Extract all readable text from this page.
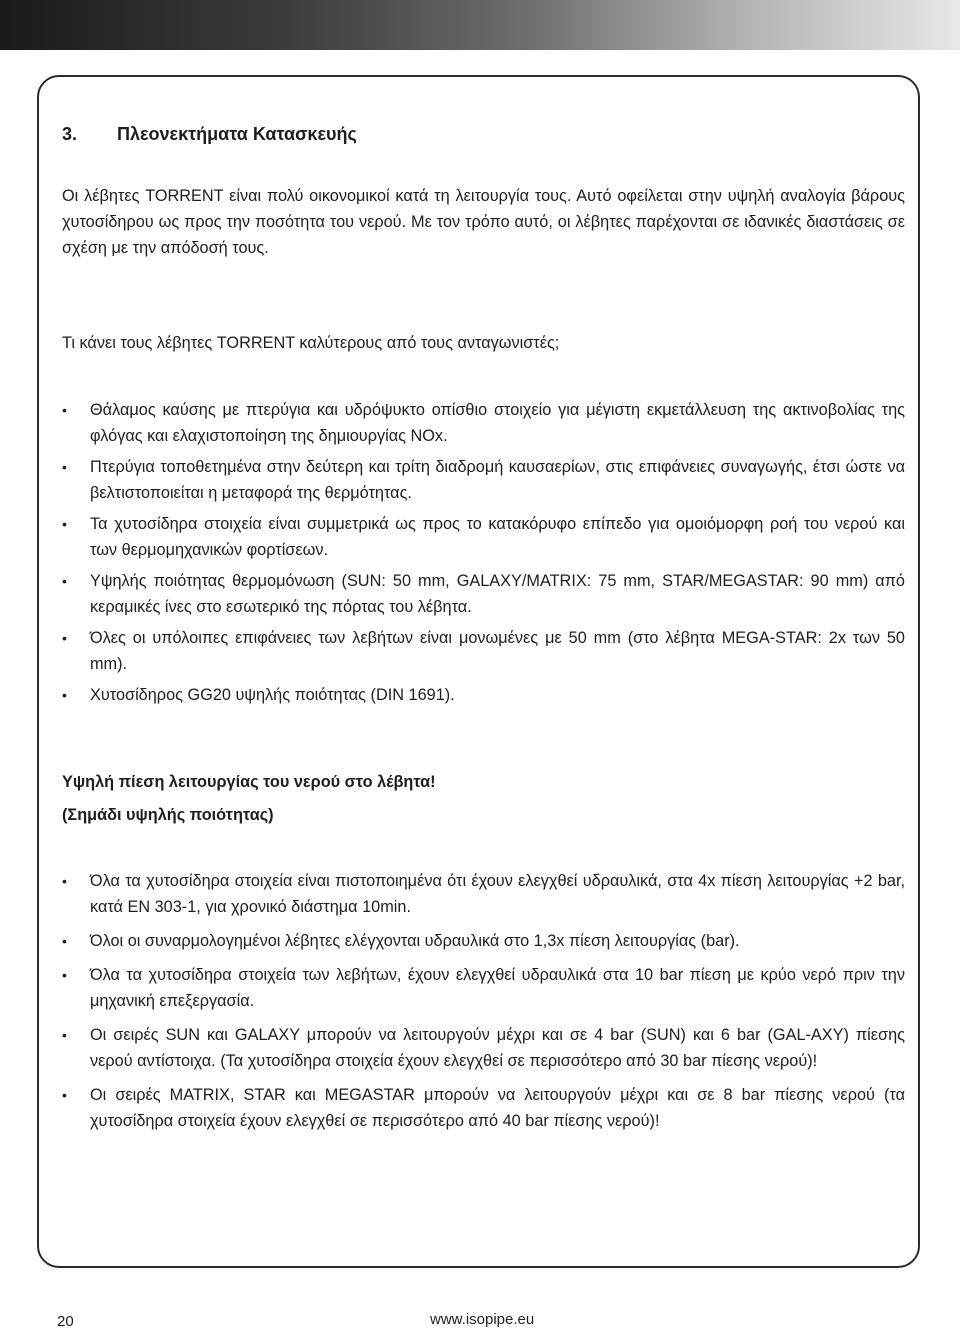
3. Πλεονεκτήματα Κατασκευής

Οι λέβητες TORRENT είναι πολύ οικονομικοί κατά τη λειτουργία τους. Αυτό οφείλεται στην υψηλή αναλογία βάρους χυτοσίδηρου ως προς την ποσότητα του νερού. Με τον τρόπο αυτό, οι λέβητες παρέχονται σε ιδανικές διαστάσεις σε σχέση με την απόδοσή τους.

Τι κάνει τους λέβητες TORRENT καλύτερους από τους ανταγωνιστές;

• Θάλαμος καύσης με πτερύγια και υδρόψυκτο οπίσθιο στοιχείο για μέγιστη εκμετάλλευση της ακτινοβολίας της φλόγας και ελαχιστοποίηση της δημιουργίας NOx.
• Πτερύγια τοποθετημένα στην δεύτερη και τρίτη διαδρομή καυσαερίων, στις επιφάνειες συναγωγής, έτσι ώστε να βελτιστοποιείται η μεταφορά της θερμότητας.
• Τα χυτοσίδηρα στοιχεία είναι συμμετρικά ως προς το κατακόρυφο επίπεδο για ομοιόμορφη ροή του νερού και των θερμομηχανικών φορτίσεων.
• Υψηλής ποιότητας θερμομόνωση (SUN: 50 mm, GALAXY/MATRIX: 75 mm, STAR/MEGASTAR: 90 mm) από κεραμικές ίνες στο εσωτερικό της πόρτας του λέβητα.
• Όλες οι υπόλοιπες επιφάνειες των λεβήτων είναι μονωμένες με 50 mm (στο λέβητα MEGA-STAR: 2x των 50 mm).
• Χυτοσίδηρος GG20 υψηλής ποιότητας (DIN 1691).
Υψηλή πίεση λειτουργίας του νερού στο λέβητα!
(Σημάδι υψηλής ποιότητας)
• Όλα τα χυτοσίδηρα στοιχεία είναι πιστοποιημένα ότι έχουν ελεγχθεί υδραυλικά, στα 4x πίεση λειτουργίας +2 bar, κατά EN 303-1, για χρονικό διάστημα 10min.
• Όλοι οι συναρμολογημένοι λέβητες ελέγχονται υδραυλικά στο 1,3x πίεση λειτουργίας (bar).
• Όλα τα χυτοσίδηρα στοιχεία των λεβήτων, έχουν ελεγχθεί υδραυλικά στα 10 bar πίεση με κρύο νερό πριν την μηχανική επεξεργασία.
• Οι σειρές SUN και GALAXY μπορούν να λειτουργούν μέχρι και σε 4 bar (SUN) και 6 bar (GAL-AXY) πίεσης νερού αντίστοιχα. (Τα χυτοσίδηρα στοιχεία έχουν ελεγχθεί σε περισσότερο από 30 bar πίεσης νερού)!
• Οι σειρές MATRIX, STAR και MEGASTAR μπορούν να λειτουργούν μέχρι και σε 8 bar πίεσης νερού (τα χυτοσίδηρα στοιχεία έχουν ελεγχθεί σε περισσότερο από 40 bar πίεσης νερού)!
20	www.isopipe.eu
